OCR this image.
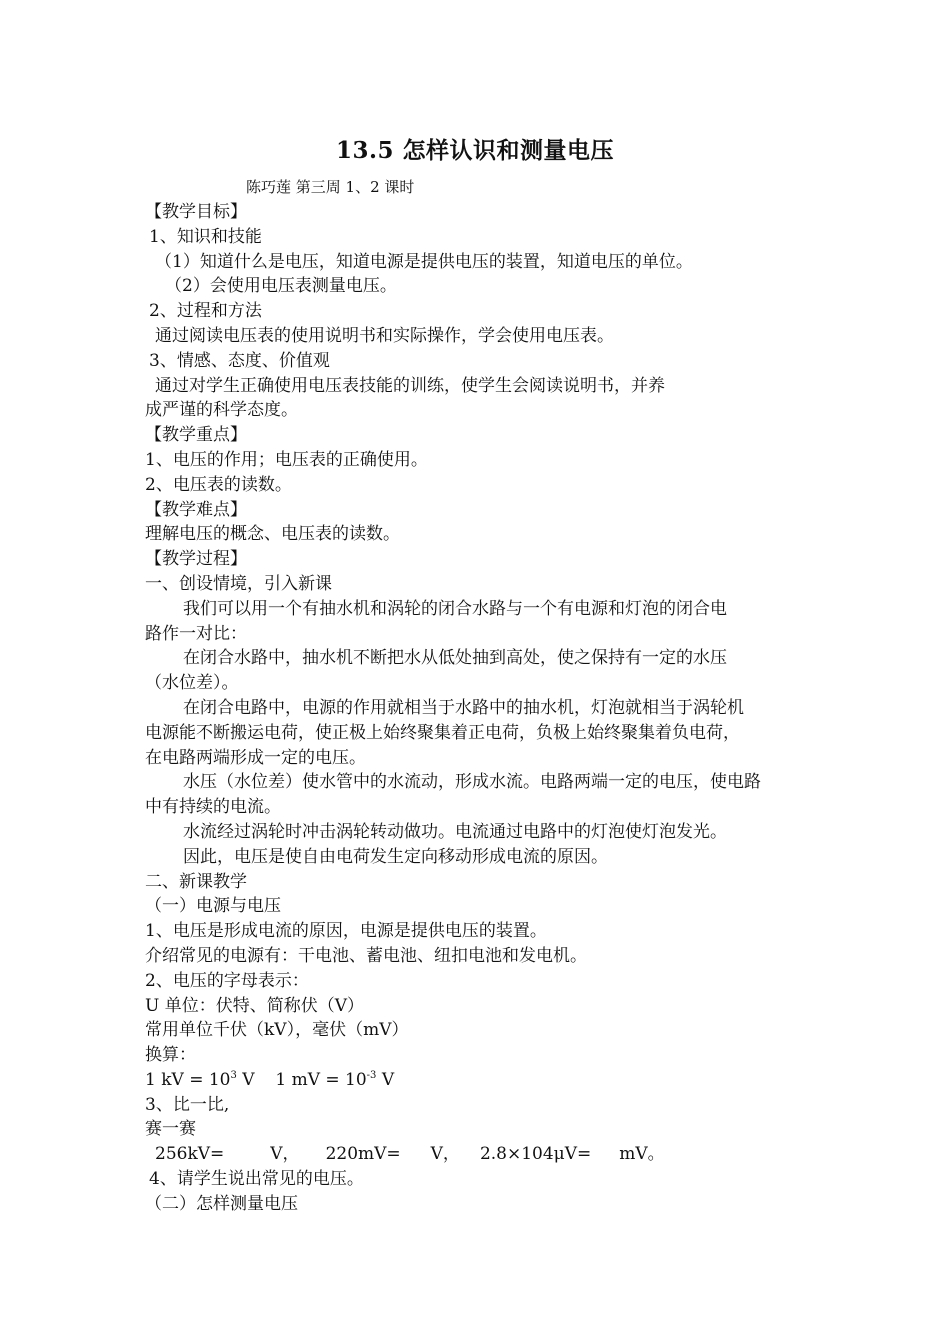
13.5 怎样认识和测量电压
陈巧莲 第三周 1、2 课时
【教学目标】
1、知识和技能
（1）知道什么是电压，知道电源是提供电压的装置，知道电压的单位。
（2）会使用电压表测量电压。
2、过程和方法
通过阅读电压表的使用说明书和实际操作，学会使用电压表。
3、情感、态度、价值观
通过对学生正确使用电压表技能的训练，使学生会阅读说明书，并养
成严谨的科学态度。
【教学重点】
1、电压的作用；电压表的正确使用。
2、电压表的读数。
【教学难点】
理解电压的概念、电压表的读数。
【教学过程】
一、创设情境，引入新课
我们可以用一个有抽水机和涡轮的闭合水路与一个有电源和灯泡的闭合电
路作一对比：
在闭合水路中，抽水机不断把水从低处抽到高处，使之保持有一定的水压
（水位差）。
在闭合电路中，电源的作用就相当于水路中的抽水机，灯泡就相当于涡轮机
电源能不断搬运电荷，使正极上始终聚集着正电荷，负极上始终聚集着负电荷，
在电路两端形成一定的电压。
水压（水位差）使水管中的水流动，形成水流。电路两端一定的电压，使电路
中有持续的电流。
水流经过涡轮时冲击涡轮转动做功。电流通过电路中的灯泡使灯泡发光。
因此，电压是使自由电荷发生定向移动形成电流的原因。
二、新课教学
（一）电源与电压
1、电压是形成电流的原因，电源是提供电压的装置。
介绍常见的电源有：干电池、蓄电池、纽扣电池和发电机。
2、电压的字母表示：
U 单位：伏特、简称伏（V）
常用单位千伏（kV），毫伏（mV）
换算：
1 kV = $10^3$ V 1 mV = $10^{-3}$ V
3、比一比,
赛一赛
256kV=	V， 220mV= V， 2.8×104μV= mV。
4、请学生说出常见的电压。
（二）怎样测量电压
